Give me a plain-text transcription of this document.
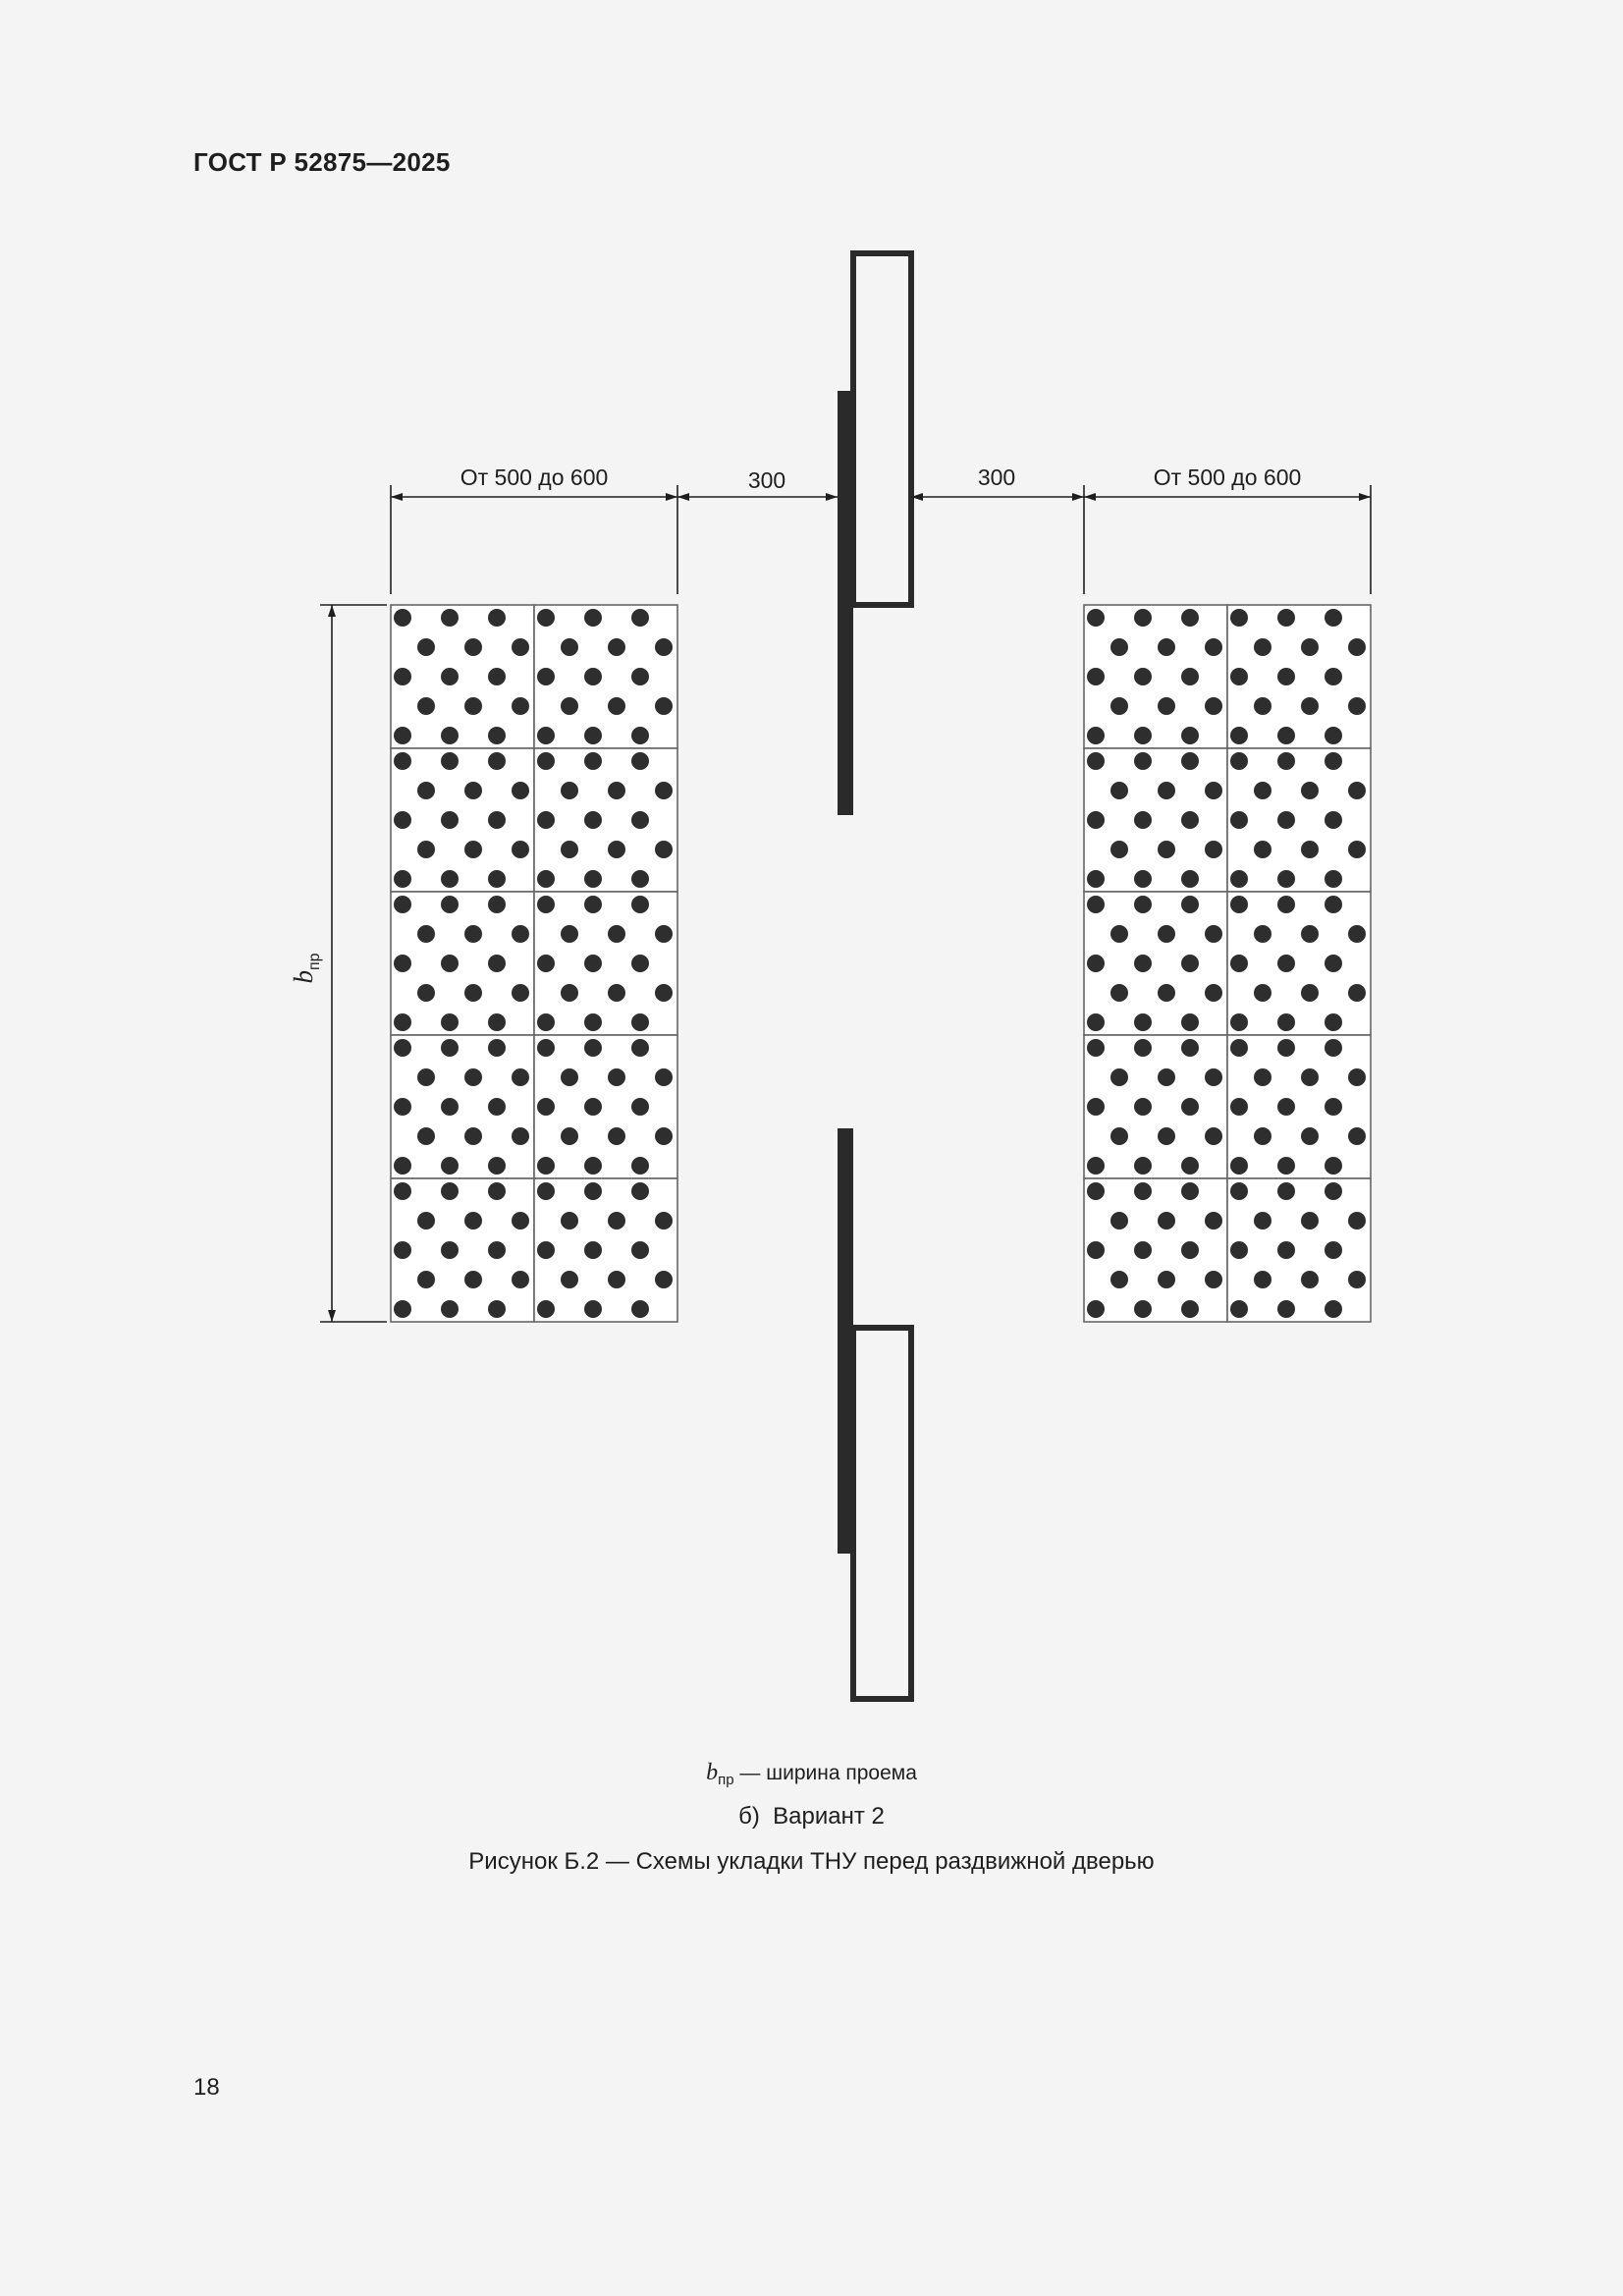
ГОСТ Р 52875—2025
От 500 до 600	300	300	От 500 до 600
$b_{пр}$
$b_{пр}$ — ширина проема
б)  Вариант 2
Рисунок Б.2 — Схемы укладки ТНУ перед раздвижной дверью
18
